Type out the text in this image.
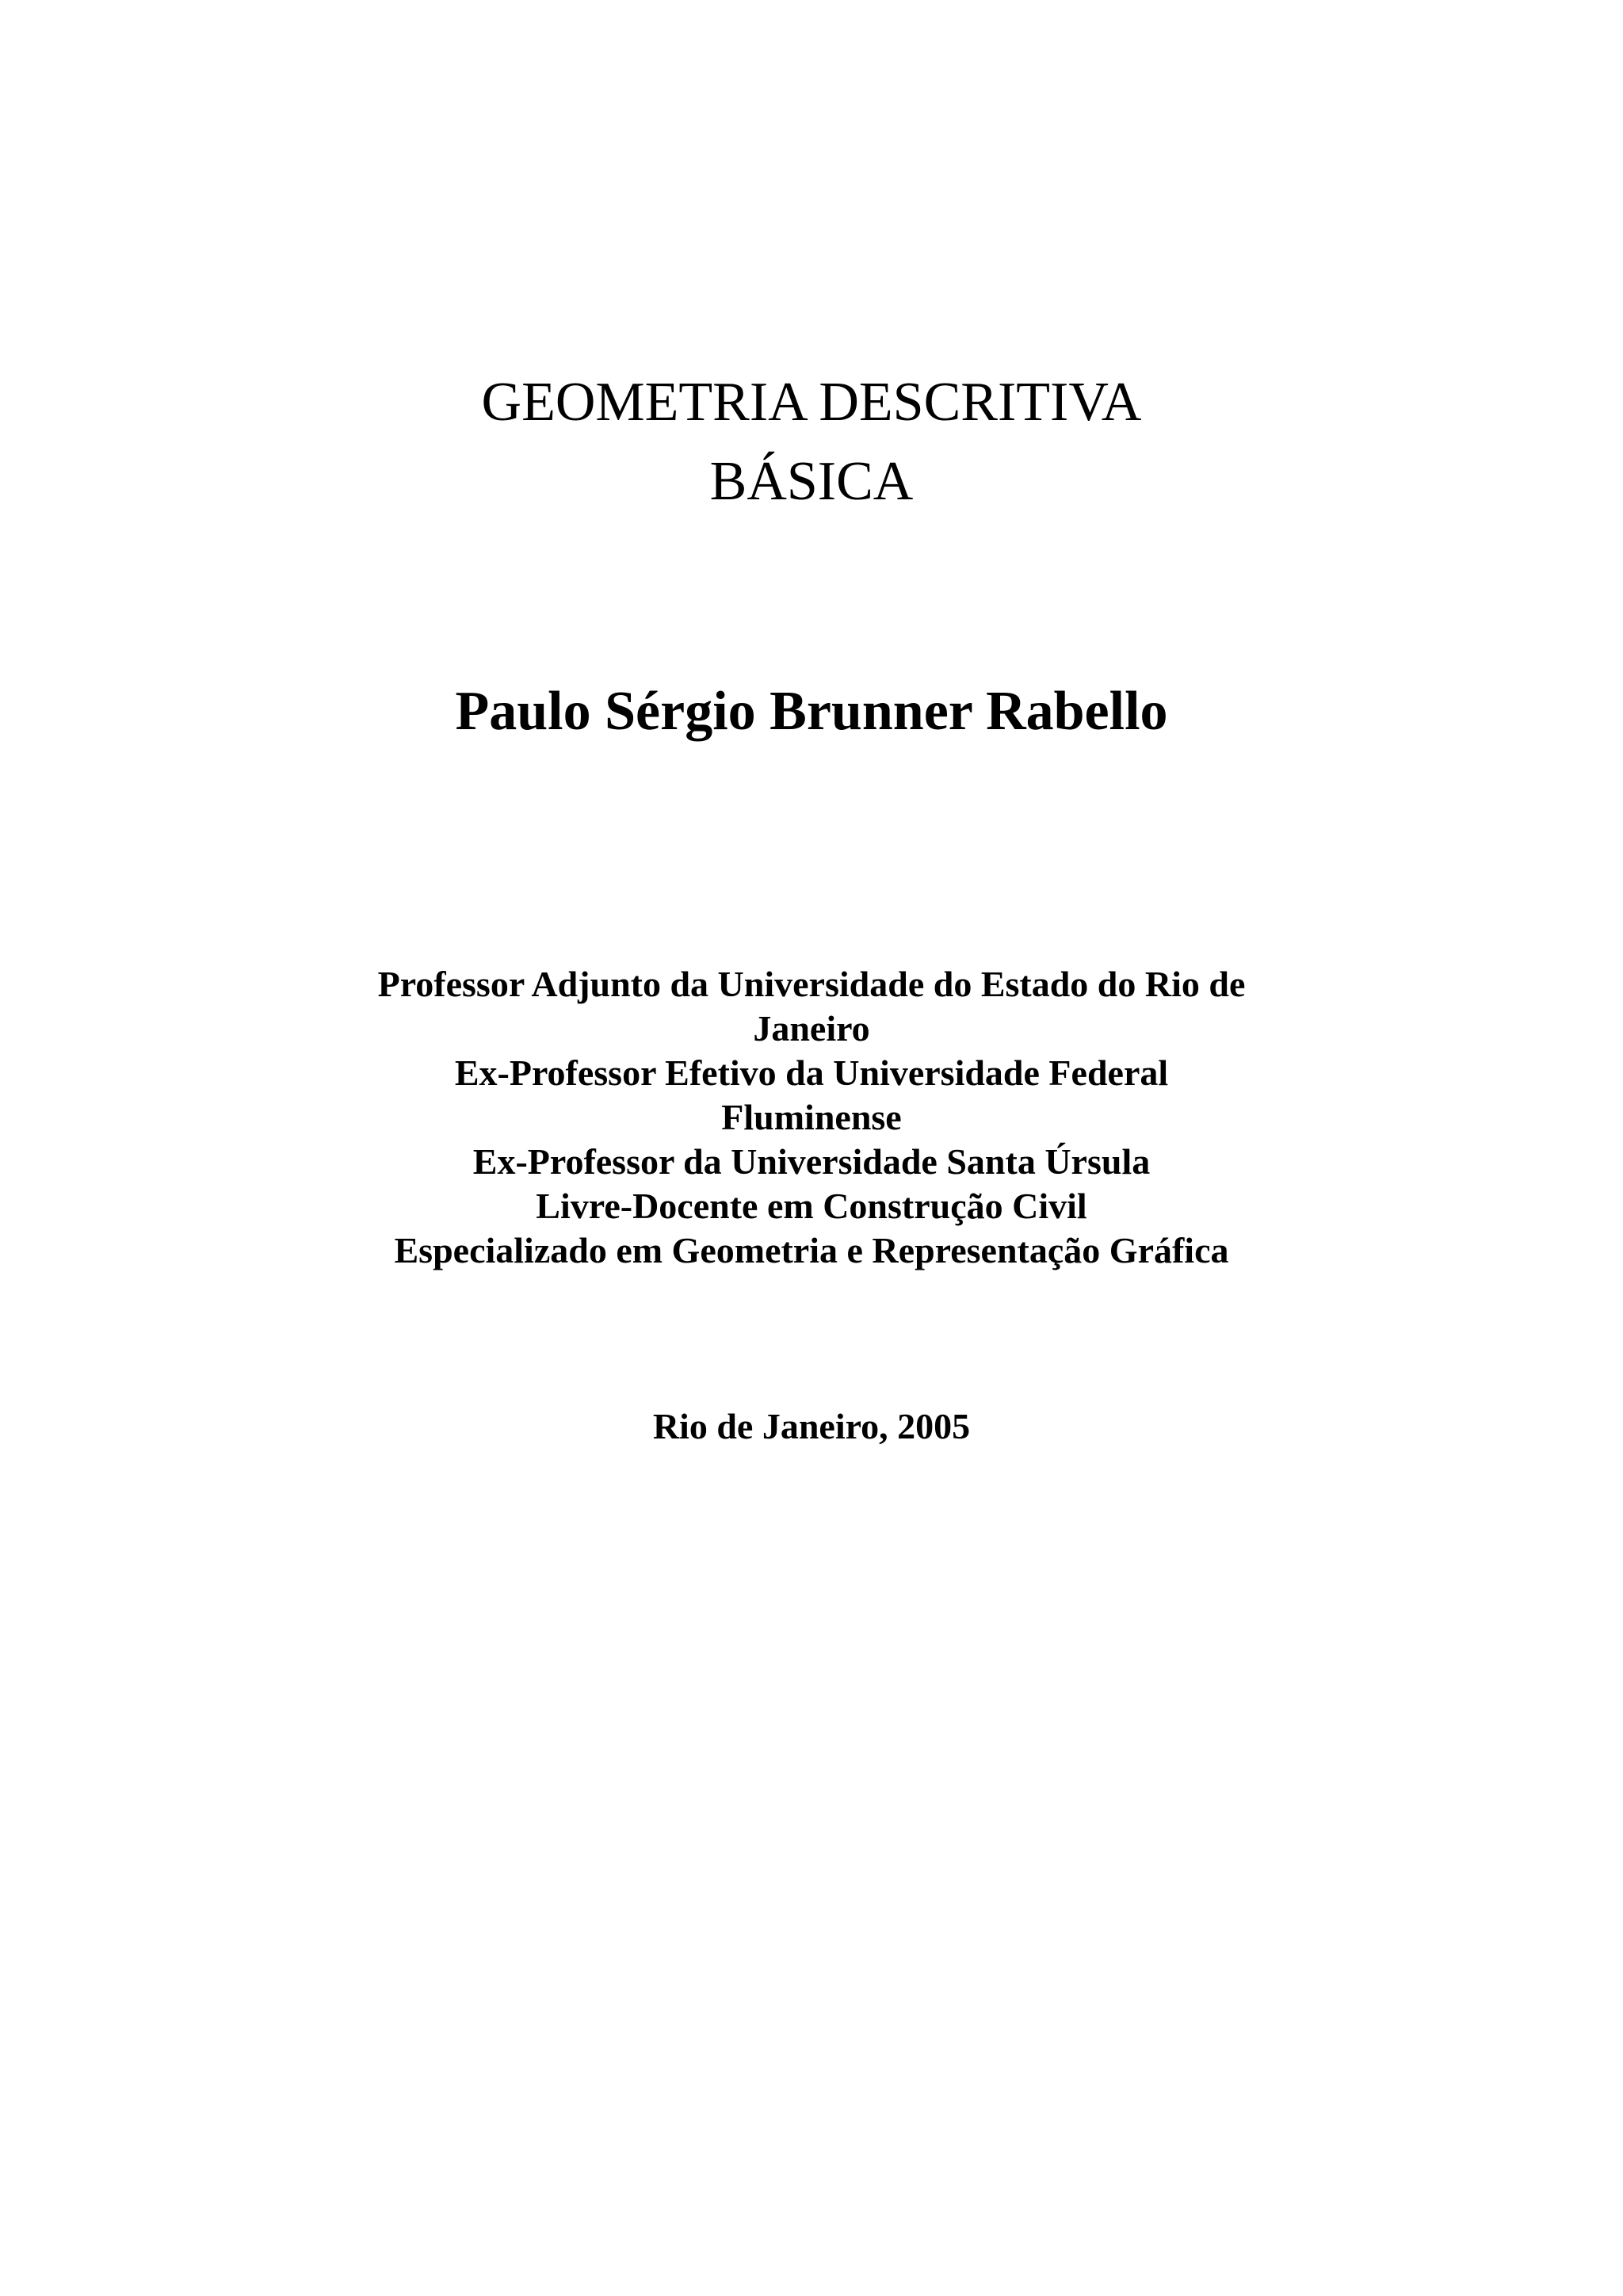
GEOMETRIA DESCRITIVA
BÁSICA
Paulo Sérgio Brunner Rabello
Professor Adjunto da Universidade do Estado do Rio de
Janeiro
Ex-Professor Efetivo da Universidade Federal
Fluminense
Ex-Professor da Universidade Santa Úrsula
Livre-Docente em Construção Civil
Especializado em Geometria e Representação Gráfica
Rio de Janeiro, 2005
